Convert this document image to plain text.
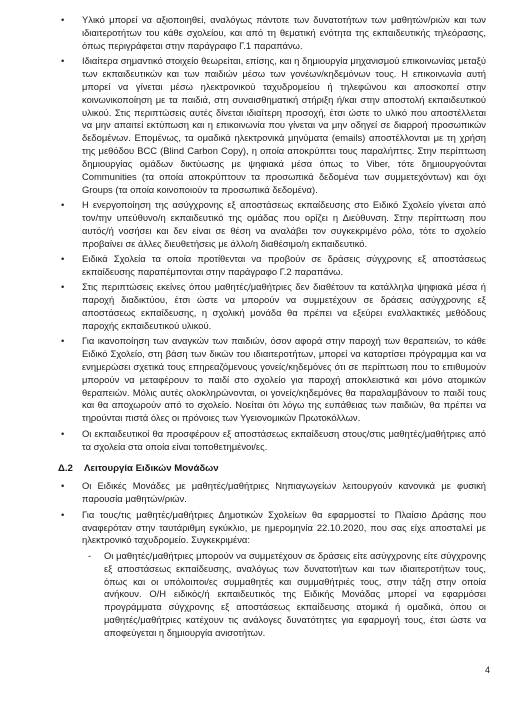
• Υλικό μπορεί να αξιοποιηθεί, αναλόγως πάντοτε των δυνατοτήτων των μαθητών/ριών και των ιδιαιτεροτήτων του κάθε σχολείου, και από τη θεματική ενότητα της εκπαιδευτικής τηλεόρασης, όπως περιγράφεται στην παράγραφο Γ.1 παραπάνω.

• Ιδιαίτερα σημαντικό στοιχείο θεωρείται, επίσης, και η δημιουργία μηχανισμού επικοινωνίας μεταξύ των εκπαιδευτικών και των παιδιών μέσω των γονέων/κηδεμόνων τους. Η επικοινωνία αυτή μπορεί να γίνεται μέσω ηλεκτρονικού ταχυδρομείου ή τηλεφώνου και αποσκοπεί στην κοινωνικοποίηση με τα παιδιά, στη συναισθηματική στήριξη ή/και στην αποστολή εκπαιδευτικού υλικού. Στις περιπτώσεις αυτές δίνεται ιδιαίτερη προσοχή, έτσι ώστε το υλικό που αποστέλλεται να μην απαιτεί εκτύπωση και η επικοινωνία που γίνεται να μην οδηγεί σε διαρροή προσωπικών δεδομένων. Επομένως, τα ομαδικά ηλεκτρονικά μηνύματα (emails) αποστέλλονται με τη χρήση της μεθόδου BCC (Blind Carbon Copy), η οποία αποκρύπτει τους παραλήπτες. Στην περίπτωση δημιουργίας ομάδων δικτύωσης με ψηφιακά μέσα όπως το Viber, τότε δημιουργούνται Communities (τα οποία αποκρύπτουν τα προσωπικά δεδομένα των συμμετεχόντων) και όχι Groups (τα οποία κοινοποιούν τα προσωπικά δεδομένα).

• Η ενεργοποίηση της ασύγχρονης εξ αποστάσεως εκπαίδευσης στο Ειδικό Σχολείο γίνεται από τον/την υπεύθυνο/η εκπαιδευτικό της ομάδας που ορίζει η Διεύθυνση. Στην περίπτωση που αυτός/ή νοσήσει και δεν είναι σε θέση να αναλάβει τον συγκεκριμένο ρόλο, τότε το σχολείο προβαίνει σε άλλες διευθετήσεις με άλλο/η διαθέσιμο/η εκπαιδευτικό.

• Ειδικά Σχολεία τα οποία προτίθενται να προβούν σε δράσεις σύγχρονης εξ αποστάσεως εκπαίδευσης παραπέμπονται στην παράγραφο Γ.2 παραπάνω.

• Στις περιπτώσεις εκείνες όπου μαθητές/μαθήτριες δεν διαθέτουν τα κατάλληλα ψηφιακά μέσα ή παροχή διαδικτύου, έτσι ώστε να μπορούν να συμμετέχουν σε δράσεις ασύγχρονης εξ αποστάσεως εκπαίδευσης, η σχολική μονάδα θα πρέπει να εξεύρει εναλλακτικές μεθόδους παροχής εκπαιδευτικού υλικού.

• Για ικανοποίηση των αναγκών των παιδιών, όσον αφορά στην παροχή των θεραπειών, το κάθε Ειδικό Σχολείο, στη βάση των δικών του ιδιαιτεροτήτων, μπορεί να καταρτίσει πρόγραμμα και να ενημερώσει σχετικά τους επηρεαζόμενους γονείς/κηδεμόνες ότι σε περίπτωση που το επιθυμούν μπορούν να μεταφέρουν το παιδί στο σχολείο για παροχή αποκλειστικά και μόνο ατομικών θεραπειών. Μόλις αυτές ολοκληρώνονται, οι γονείς/κηδεμόνες θα παραλαμβάνουν το παιδί τους και θα αποχωρούν από το σχολείο. Νοείται ότι λόγω της ευπάθειας των παιδιών, θα πρέπει να τηρούνται πιστά όλες οι πρόνοιες των Υγειονομικών Πρωτοκόλλων.

• Οι εκπαιδευτικοί θα προσφέρουν εξ αποστάσεως εκπαίδευση στους/στις μαθητές/μαθήτριες από τα σχολεία στα οποία είναι τοποθετημένοι/ες.

Δ.2 Λειτουργία Ειδικών Μονάδων

• Οι Ειδικές Μονάδες με μαθητές/μαθήτριες Νηπιαγωγείων λειτουργούν κανονικά με φυσική παρουσία μαθητών/ριών.

• Για τους/τις μαθητές/μαθήτριες Δημοτικών Σχολείων θα εφαρμοστεί το Πλαίσιο Δράσης που αναφερόταν στην ταυτάριθμη εγκύκλιο, με ημερομηνία 22.10.2020, που σας είχε αποσταλεί με ηλεκτρονικό ταχυδρομείο. Συγκεκριμένα:

- Οι μαθητές/μαθήτριες μπορούν να συμμετέχουν σε δράσεις είτε ασύγχρονης είτε σύγχρονης εξ αποστάσεως εκπαίδευσης, αναλόγως των δυνατοτήτων και των ιδιαιτεροτήτων τους, όπως και οι υπόλοιποι/ες συμμαθητές και συμμαθήτριές τους, στην τάξη στην οποία ανήκουν. Ο/Η ειδικός/ή εκπαιδευτικός της Ειδικής Μονάδας μπορεί να εφαρμόσει προγράμματα σύγχρονης εξ αποστάσεως εκπαίδευσης ατομικά ή ομαδικά, όπου οι μαθητές/μαθήτριες κατέχουν τις ανάλογες δυνατότητες για εφαρμογή τους, έτσι ώστε να αποφεύγεται η δημιουργία ανισοτήτων.

4
